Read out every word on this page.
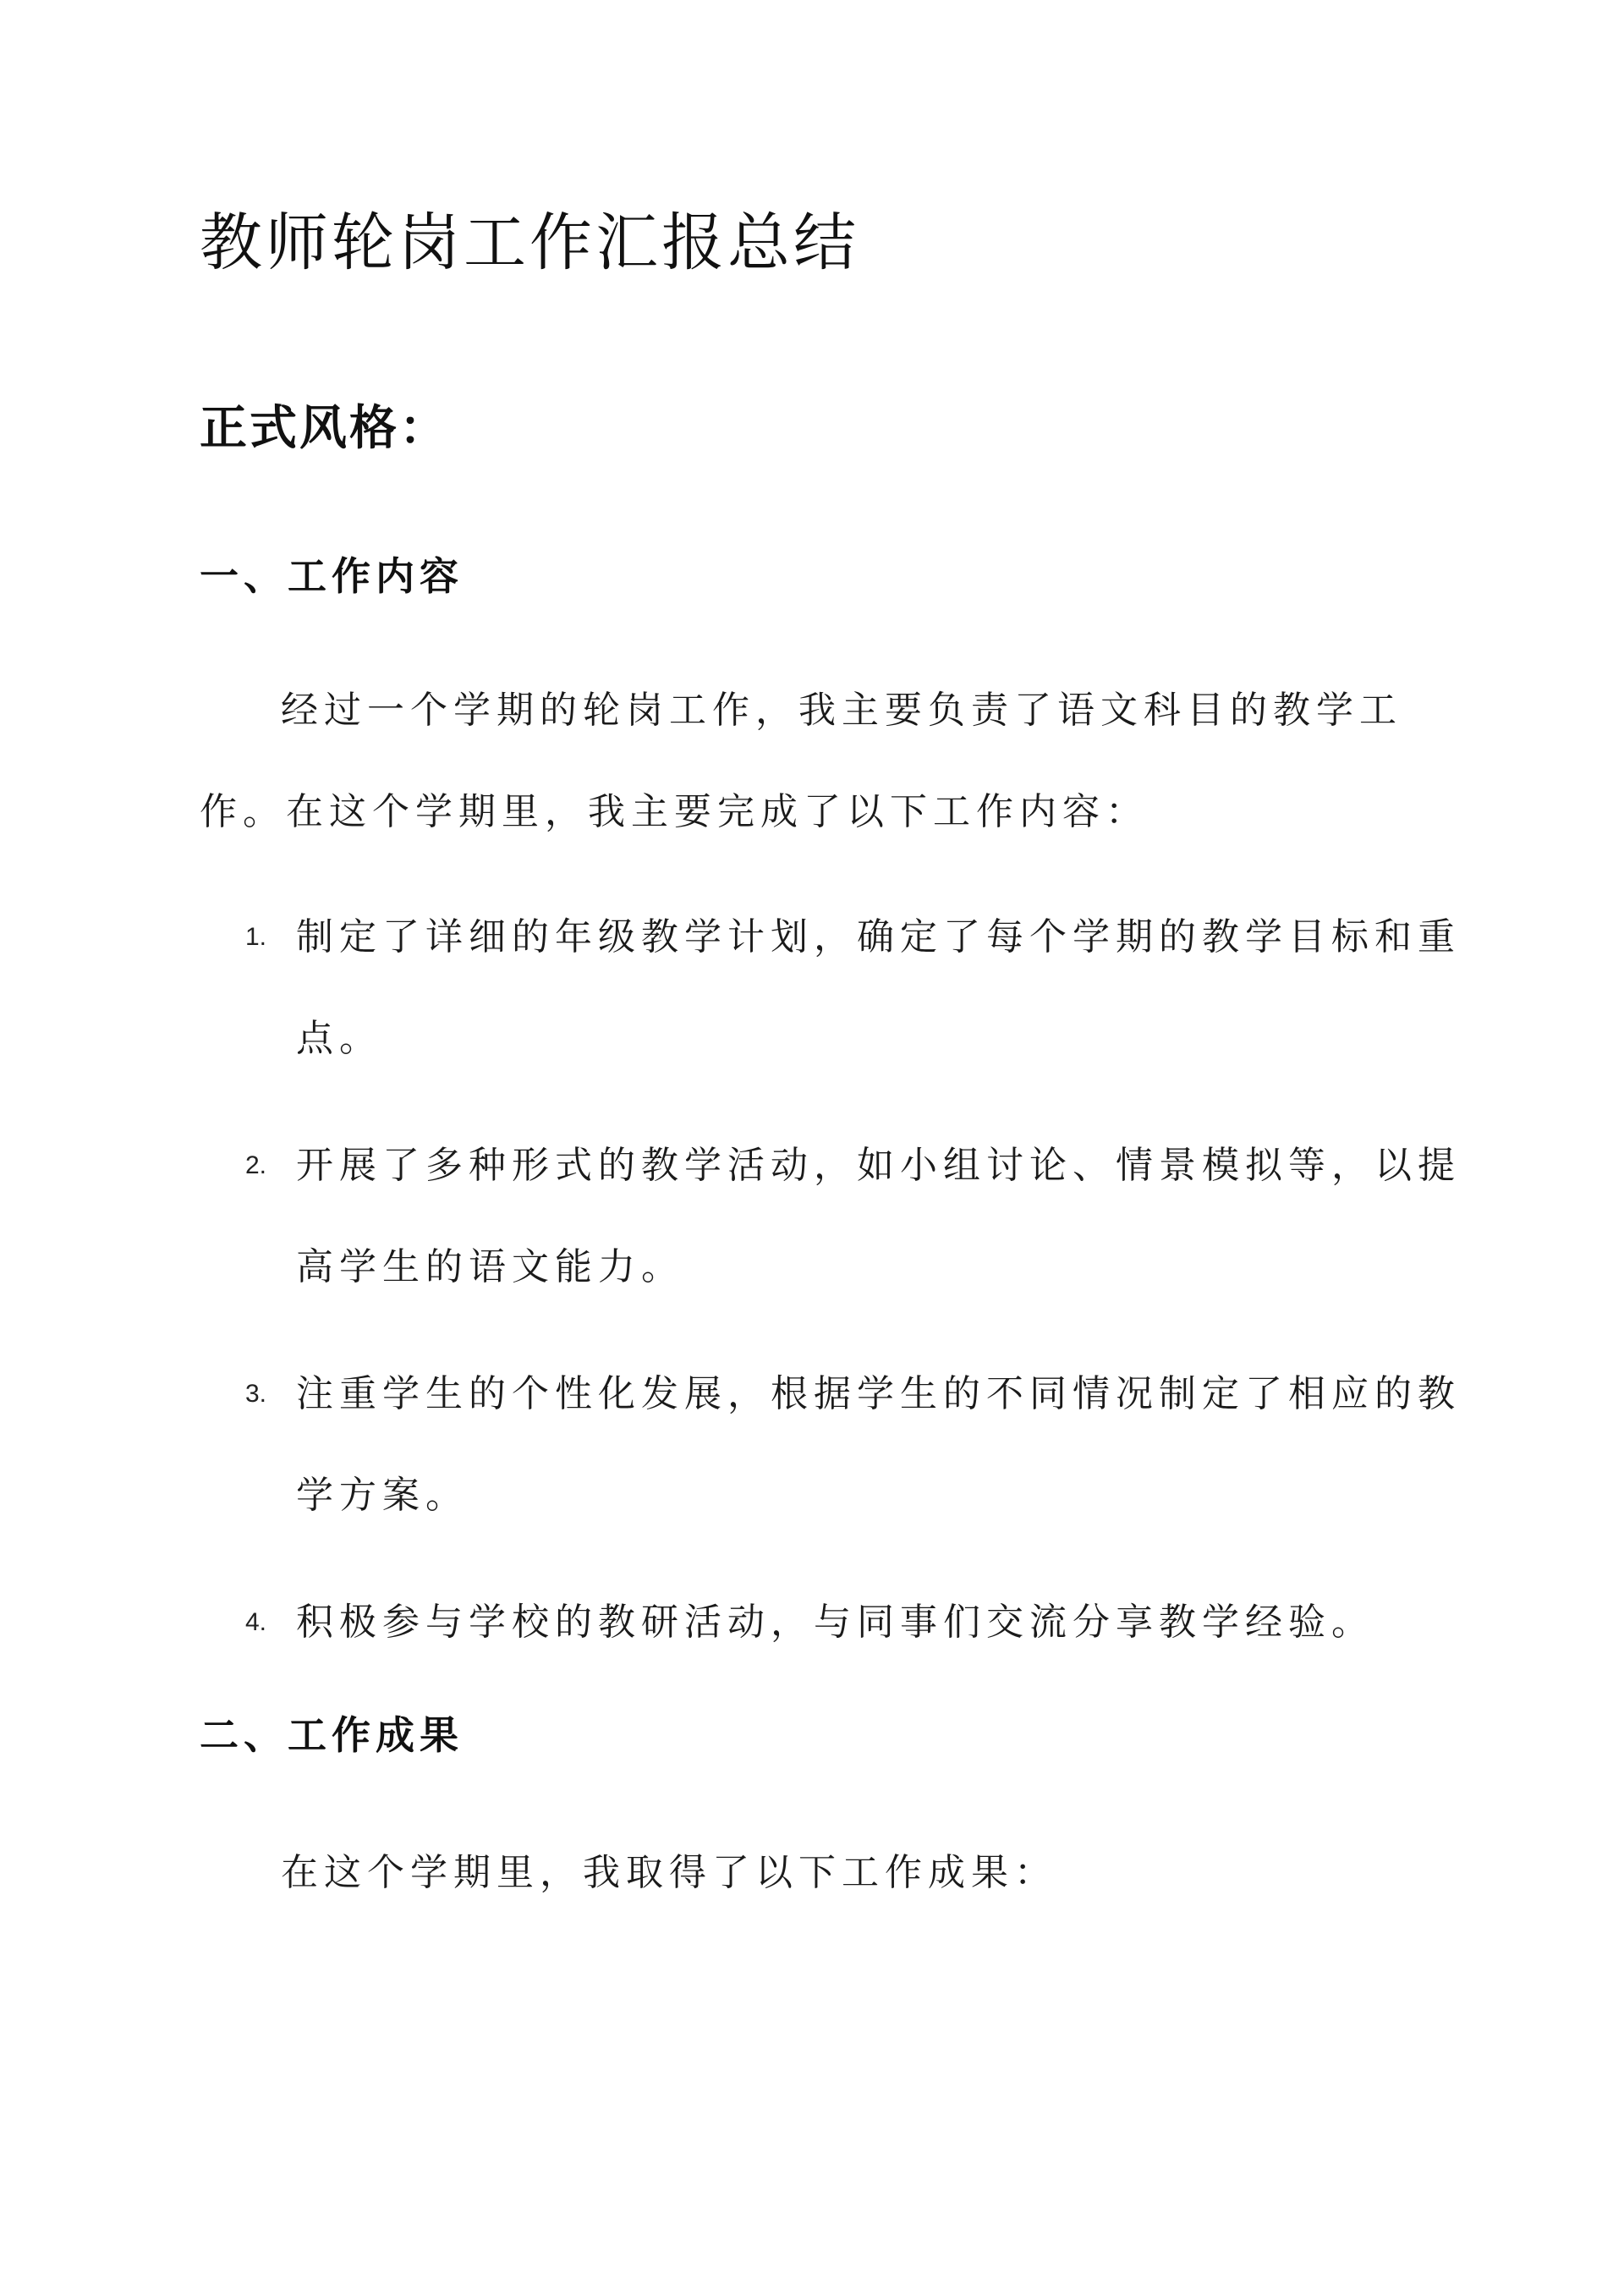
教师轮岗工作汇报总结
正式风格：
一、工作内容
经过一个学期的轮岗工作，我主要负责了语文科目的教学工作。在这个学期里，我主要完成了以下工作内容：
1. 制定了详细的年级教学计划，确定了每个学期的教学目标和重点。
2. 开展了多种形式的教学活动，如小组讨论、情景模拟等，以提高学生的语文能力。
3. 注重学生的个性化发展，根据学生的不同情况制定了相应的教学方案。
4. 积极参与学校的教研活动，与同事们交流分享教学经验。
二、工作成果
在这个学期里，我取得了以下工作成果：
